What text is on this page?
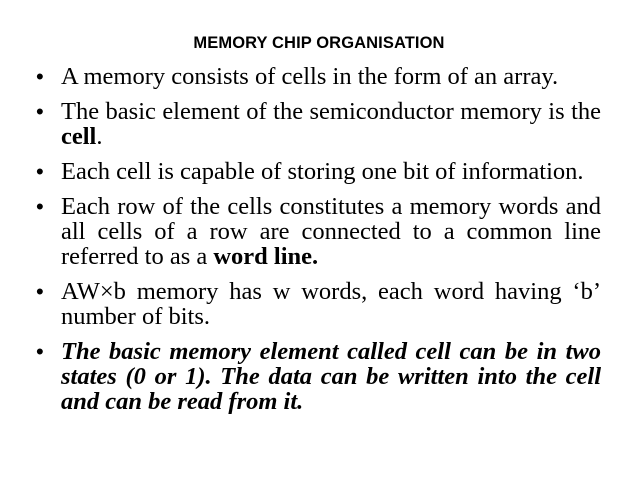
MEMORY CHIP ORGANISATION
• A memory consists of cells in the form of an array.
• The basic element of the semiconductor memory is the cell.
• Each cell is capable of storing one bit of information.
• Each row of the cells constitutes a memory words and all cells of a row are connected to a common line referred to as a word line.
• AW×b memory has w words, each word having ‘b’ number of bits.
• The basic memory element called cell can be in two states (0 or 1). The data can be written into the cell and can be read from it.
